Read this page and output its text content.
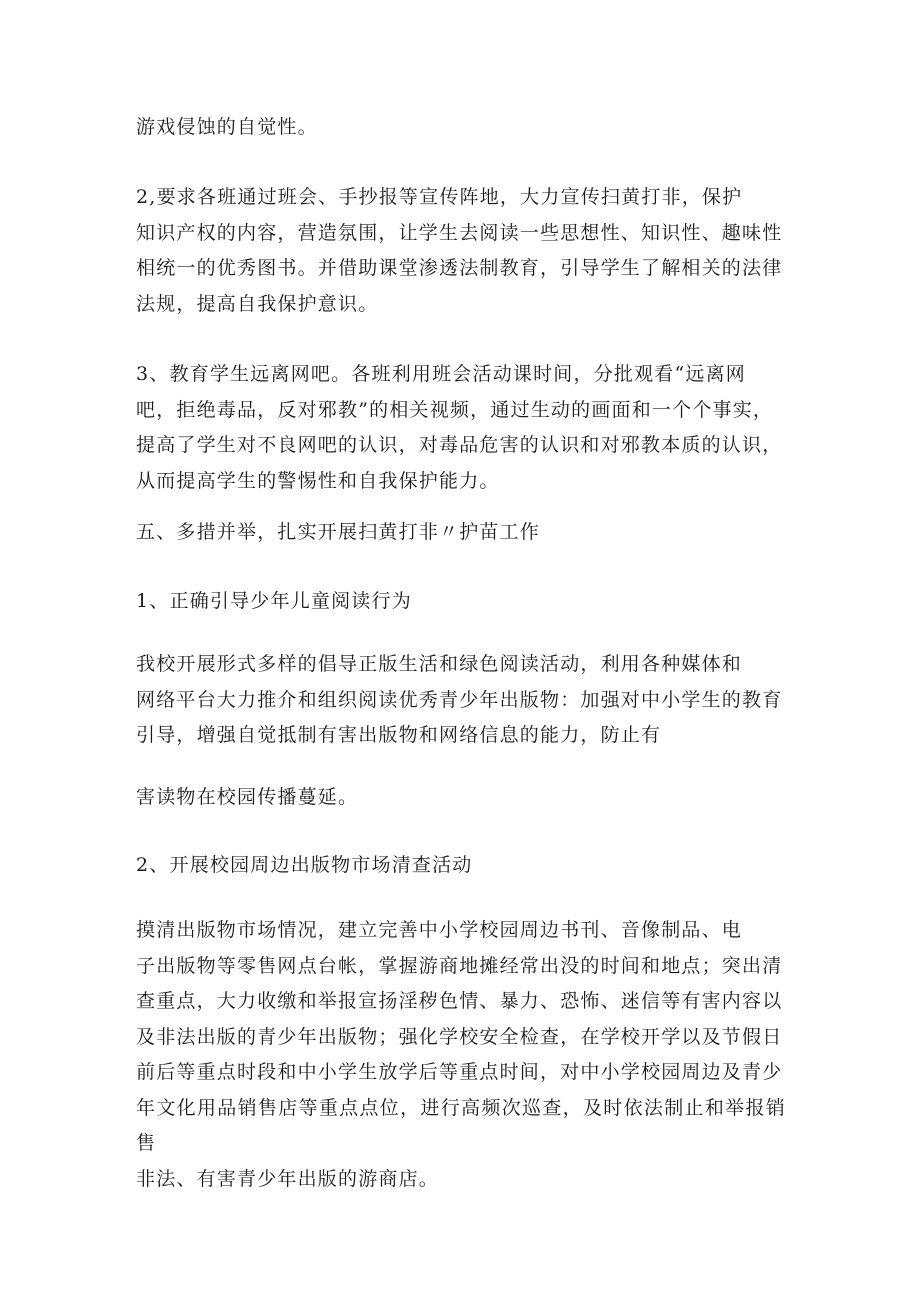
游戏侵蚀的自觉性。

2,要求各班通过班会、手抄报等宣传阵地，大力宣传扫黄打非，保护
知识产权的内容，营造氛围，让学生去阅读一些思想性、知识性、趣味性
相统一的优秀图书。并借助课堂渗透法制教育，引导学生了解相关的法律
法规，提高自我保护意识。

3、教育学生远离网吧。各班利用班会活动课时间，分批观看“远离网
吧，拒绝毒品，反对邪教”的相关视频，通过生动的画面和一个个事实，
提高了学生对不良网吧的认识，对毒品危害的认识和对邪教本质的认识，
从而提高学生的警惕性和自我保护能力。

五、多措并举，扎实开展扫黄打非〃护苗工作

1、正确引导少年儿童阅读行为

我校开展形式多样的倡导正版生活和绿色阅读活动，利用各种媒体和
网络平台大力推介和组织阅读优秀青少年出版物：加强对中小学生的教育
引导，增强自觉抵制有害出版物和网络信息的能力，防止有

害读物在校园传播蔓延。

2、开展校园周边出版物市场清查活动

摸清出版物市场情况，建立完善中小学校园周边书刊、音像制品、电
子出版物等零售网点台帐，掌握游商地摊经常出没的时间和地点；突出清
查重点，大力收缴和举报宣扬淫秽色情、暴力、恐怖、迷信等有害内容以
及非法出版的青少年出版物；强化学校安全检查，在学校开学以及节假日
前后等重点时段和中小学生放学后等重点时间，对中小学校园周边及青少
年文化用品销售店等重点点位，进行高频次巡查，及时依法制止和举报销售
非法、有害青少年出版的游商店。
